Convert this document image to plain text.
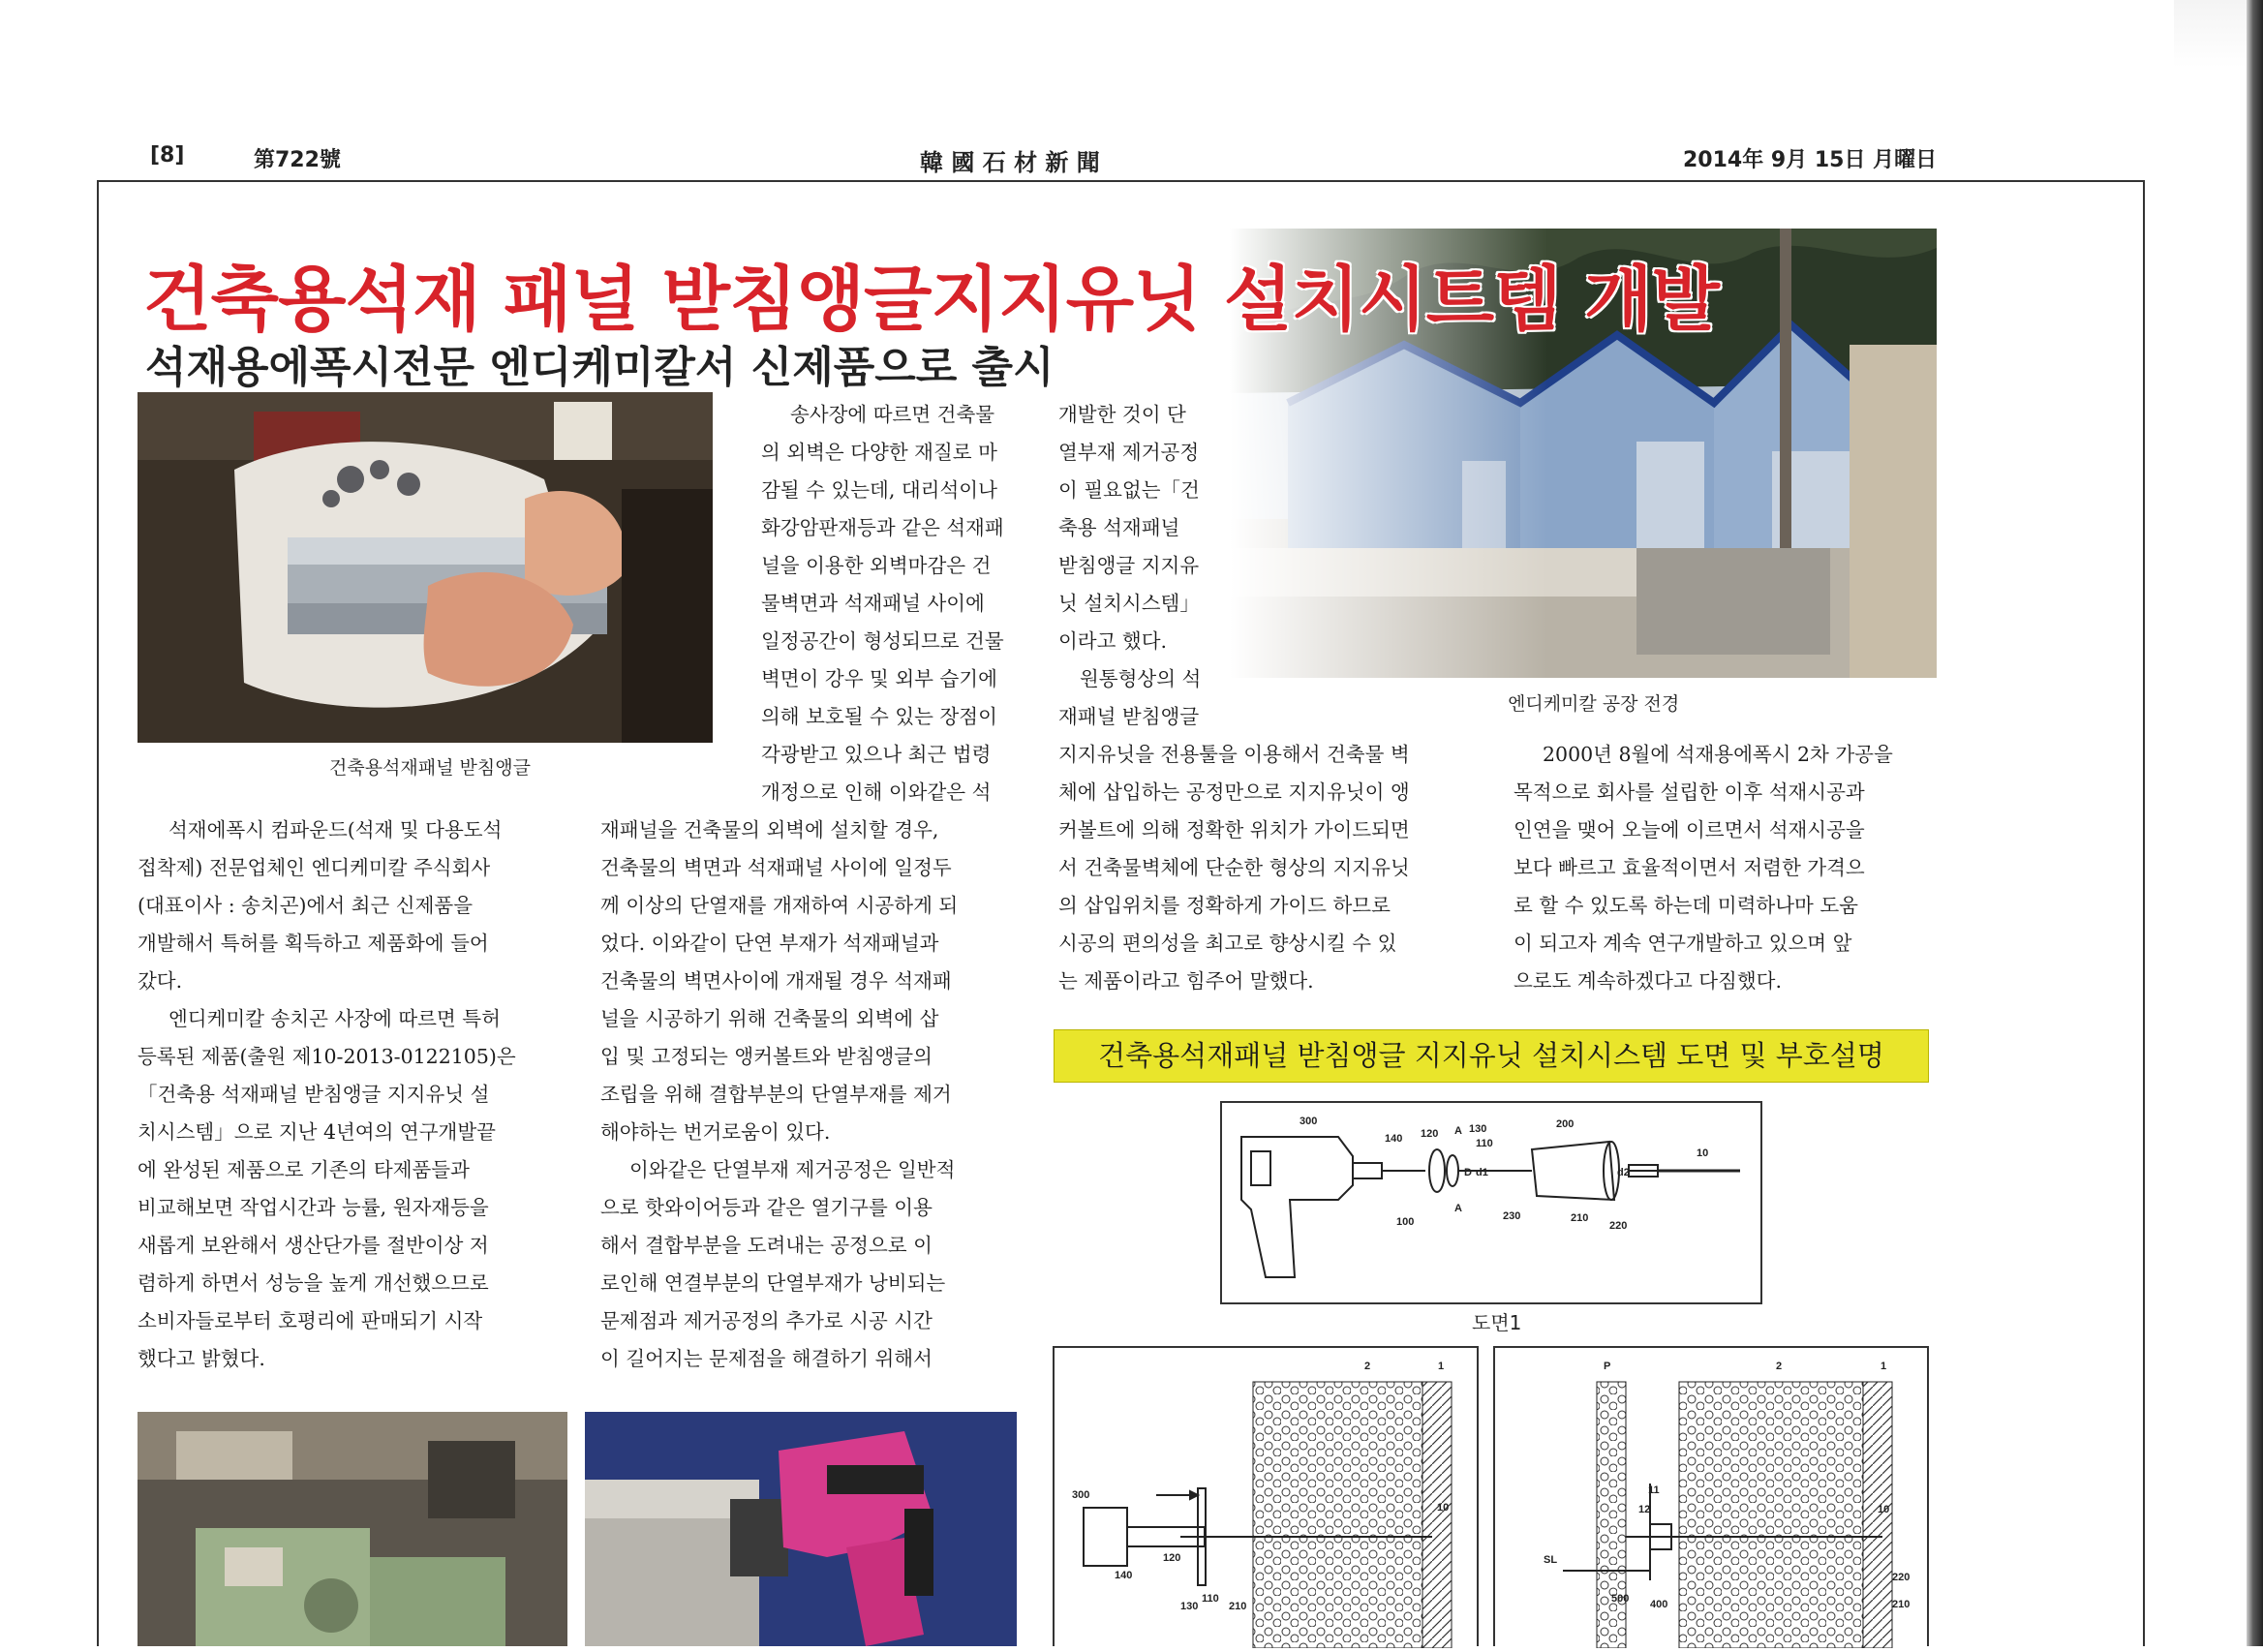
[8]	第722號	韓 國 石 材 新 聞	2014年 9月 15日 月曜日
건축용석재 패널 받침앵글지지유닛 설치시트템 개발
석재용에폭시전문 엔디케미칼서 신제품으로 출시
건축용석재패널 받침앵글
석재에폭시 컴파운드(석재 및 다용도석
접착제) 전문업체인 엔디케미칼 주식회사
(대표이사 : 송치곤)에서 최근 신제품을
개발해서 특허를 획득하고 제품화에 들어
갔다.
엔디케미칼 송치곤 사장에 따르면 특허
등록된 제품(출원 제10-2013-0122105)은
「건축용 석재패널 받침앵글 지지유닛 설
치시스템」으로 지난 4년여의 연구개발끝
에 완성된 제품으로 기존의 타제품들과
비교해보면 작업시간과 능률, 원자재등을
새롭게 보완해서 생산단가를 절반이상 저
렴하게 하면서 성능을 높게 개선했으므로
소비자들로부터 호평리에 판매되기 시작
했다고 밝혔다.
송사장에 따르면 건축물
의 외벽은 다양한 재질로 마
감될 수 있는데, 대리석이나
화강암판재등과 같은 석재패
널을 이용한 외벽마감은 건
물벽면과 석재패널 사이에
일정공간이 형성되므로 건물
벽면이 강우 및 외부 습기에
의해 보호될 수 있는 장점이
각광받고 있으나 최근 법령
개정으로 인해 이와같은 석
재패널을 건축물의 외벽에 설치할 경우,
건축물의 벽면과 석재패널 사이에 일정두
께 이상의 단열재를 개재하여 시공하게 되
었다. 이와같이 단연 부재가 석재패널과
건축물의 벽면사이에 개재될 경우 석재패
널을 시공하기 위해 건축물의 외벽에 삽
입 및 고정되는 앵커볼트와 받침앵글의
조립을 위해 결합부분의 단열부재를 제거
해야하는 번거로움이 있다.
이와같은 단열부재 제거공정은 일반적
으로 핫와이어등과 같은 열기구를 이용
해서 결합부분을 도려내는 공정으로 이
로인해 연결부분의 단열부재가 낭비되는
문제점과 제거공정의 추가로 시공 시간
이 길어지는 문제점을 해결하기 위해서
개발한 것이 단
열부재 제거공정
이 필요없는「건
축용 석재패널
받침앵글 지지유
닛 설치시스템」
이라고 했다.
원통형상의 석
재패널 받침앵글
엔디케미칼 공장 전경
지지유닛을 전용툴을 이용해서 건축물 벽
체에 삽입하는 공정만으로 지지유닛이 앵
커볼트에 의해 정확한 위치가 가이드되면
서 건축물벽체에 단순한 형상의 지지유닛
의 삽입위치를 정확하게 가이드 하므로
시공의 편의성을 최고로 향상시킬 수 있
는 제품이라고 힘주어 말했다.
2000년 8월에 석재용에폭시 2차 가공을
목적으로 회사를 설립한 이후 석재시공과
인연을 맺어 오늘에 이르면서 석재시공을
보다 빠르고 효율적이면서 저렴한 가격으
로 할 수 있도록 하는데 미력하나마 도움
이 되고자 계속 연구개발하고 있으며 앞
으로도 계속하겠다고 다짐했다.
건축용석재패널 받침앵글 지지유닛 설치시스템 도면 및 부호설명
300
140 120	130
110
A
A
D d1
100
200
230	210
220
d2
10
도면1
2	1
300
10
120
140
130
110
210
P	2	1
11
12	10
SL
220
500 400	210
